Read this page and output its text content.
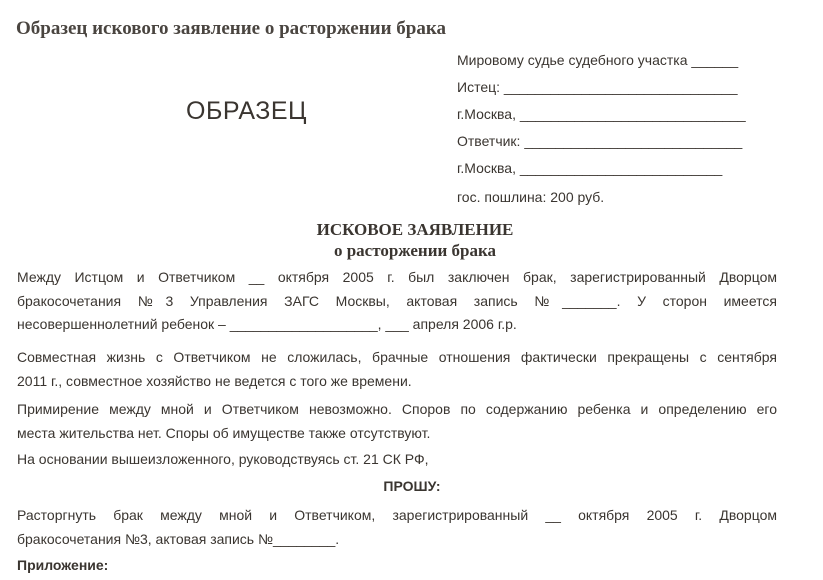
Образец искового заявление о расторжении брака
ОБРАЗЕЦ
Мировому судье судебного участка ______
Истец: ______________________________
г.Москва, _____________________________
Ответчик: ____________________________
г.Москва, __________________________
гос. пошлина: 200 руб.
ИСКОВОЕ ЗАЯВЛЕНИЕ
о расторжении брака
Между Истцом и Ответчиком __ октября 2005 г. был заключен брак, зарегистрированный Дворцом
бракосочетания №3 Управления ЗАГС Москвы, актовая запись №_______. У сторон имеется
несовершеннолетний ребенок – ___________________, ___ апреля 2006 г.р.
Совместная жизнь с Ответчиком не сложилась, брачные отношения фактически прекращены с сентября
2011 г., совместное хозяйство не ведется с того же времени.
Примирение между мной и Ответчиком невозможно. Споров по содержанию ребенка и определению его
места жительства нет. Споры об имуществе также отсутствуют.
На основании вышеизложенного, руководствуясь ст. 21 СК РФ,
ПРОШУ:
Расторгнуть брак между мной и Ответчиком, зарегистрированный __ октября 2005 г. Дворцом
бракосочетания №3, актовая запись №________.
Приложение:
